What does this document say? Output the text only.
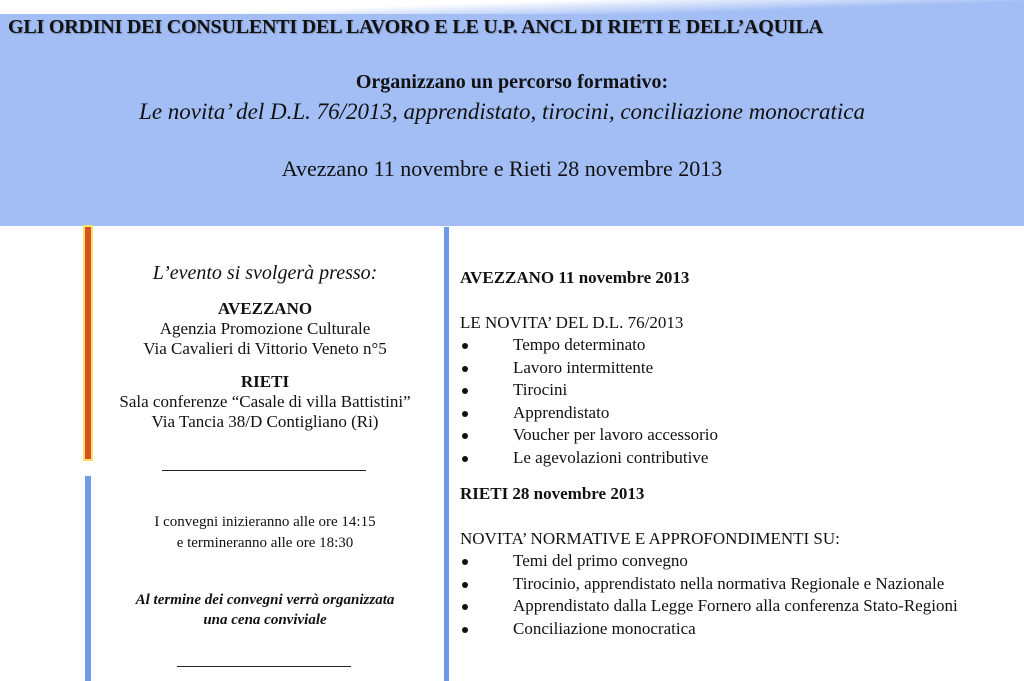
GLI ORDINI DEI CONSULENTI DEL LAVORO E LE U.P. ANCL DI RIETI E DELL’AQUILA
Organizzano un percorso formativo:
Le novita’ del D.L. 76/2013, apprendistato, tirocini, conciliazione monocratica
Avezzano 11 novembre e Rieti 28 novembre 2013
L’evento si svolgerà presso:
AVEZZANO
Agenzia Promozione Culturale
Via Cavalieri di Vittorio Veneto n°5
RIETI
Sala conferenze “Casale di villa Battistini”
Via Tancia 38/D Contigliano (Ri)
I convegni inizieranno alle ore 14:15
e termineranno alle ore 18:30
Al termine dei convegni verrà organizzata
una cena conviviale
AVEZZANO 11 novembre 2013
LE NOVITA’ DEL D.L. 76/2013
Tempo determinato
Lavoro intermittente
Tirocini
Apprendistato
Voucher per lavoro accessorio
Le agevolazioni contributive
RIETI 28 novembre 2013
NOVITA’ NORMATIVE E APPROFONDIMENTI SU:
Temi del primo convegno
Tirocinio, apprendistato nella normativa Regionale e Nazionale
Apprendistato dalla Legge Fornero alla conferenza Stato-Regioni
Conciliazione monocratica
